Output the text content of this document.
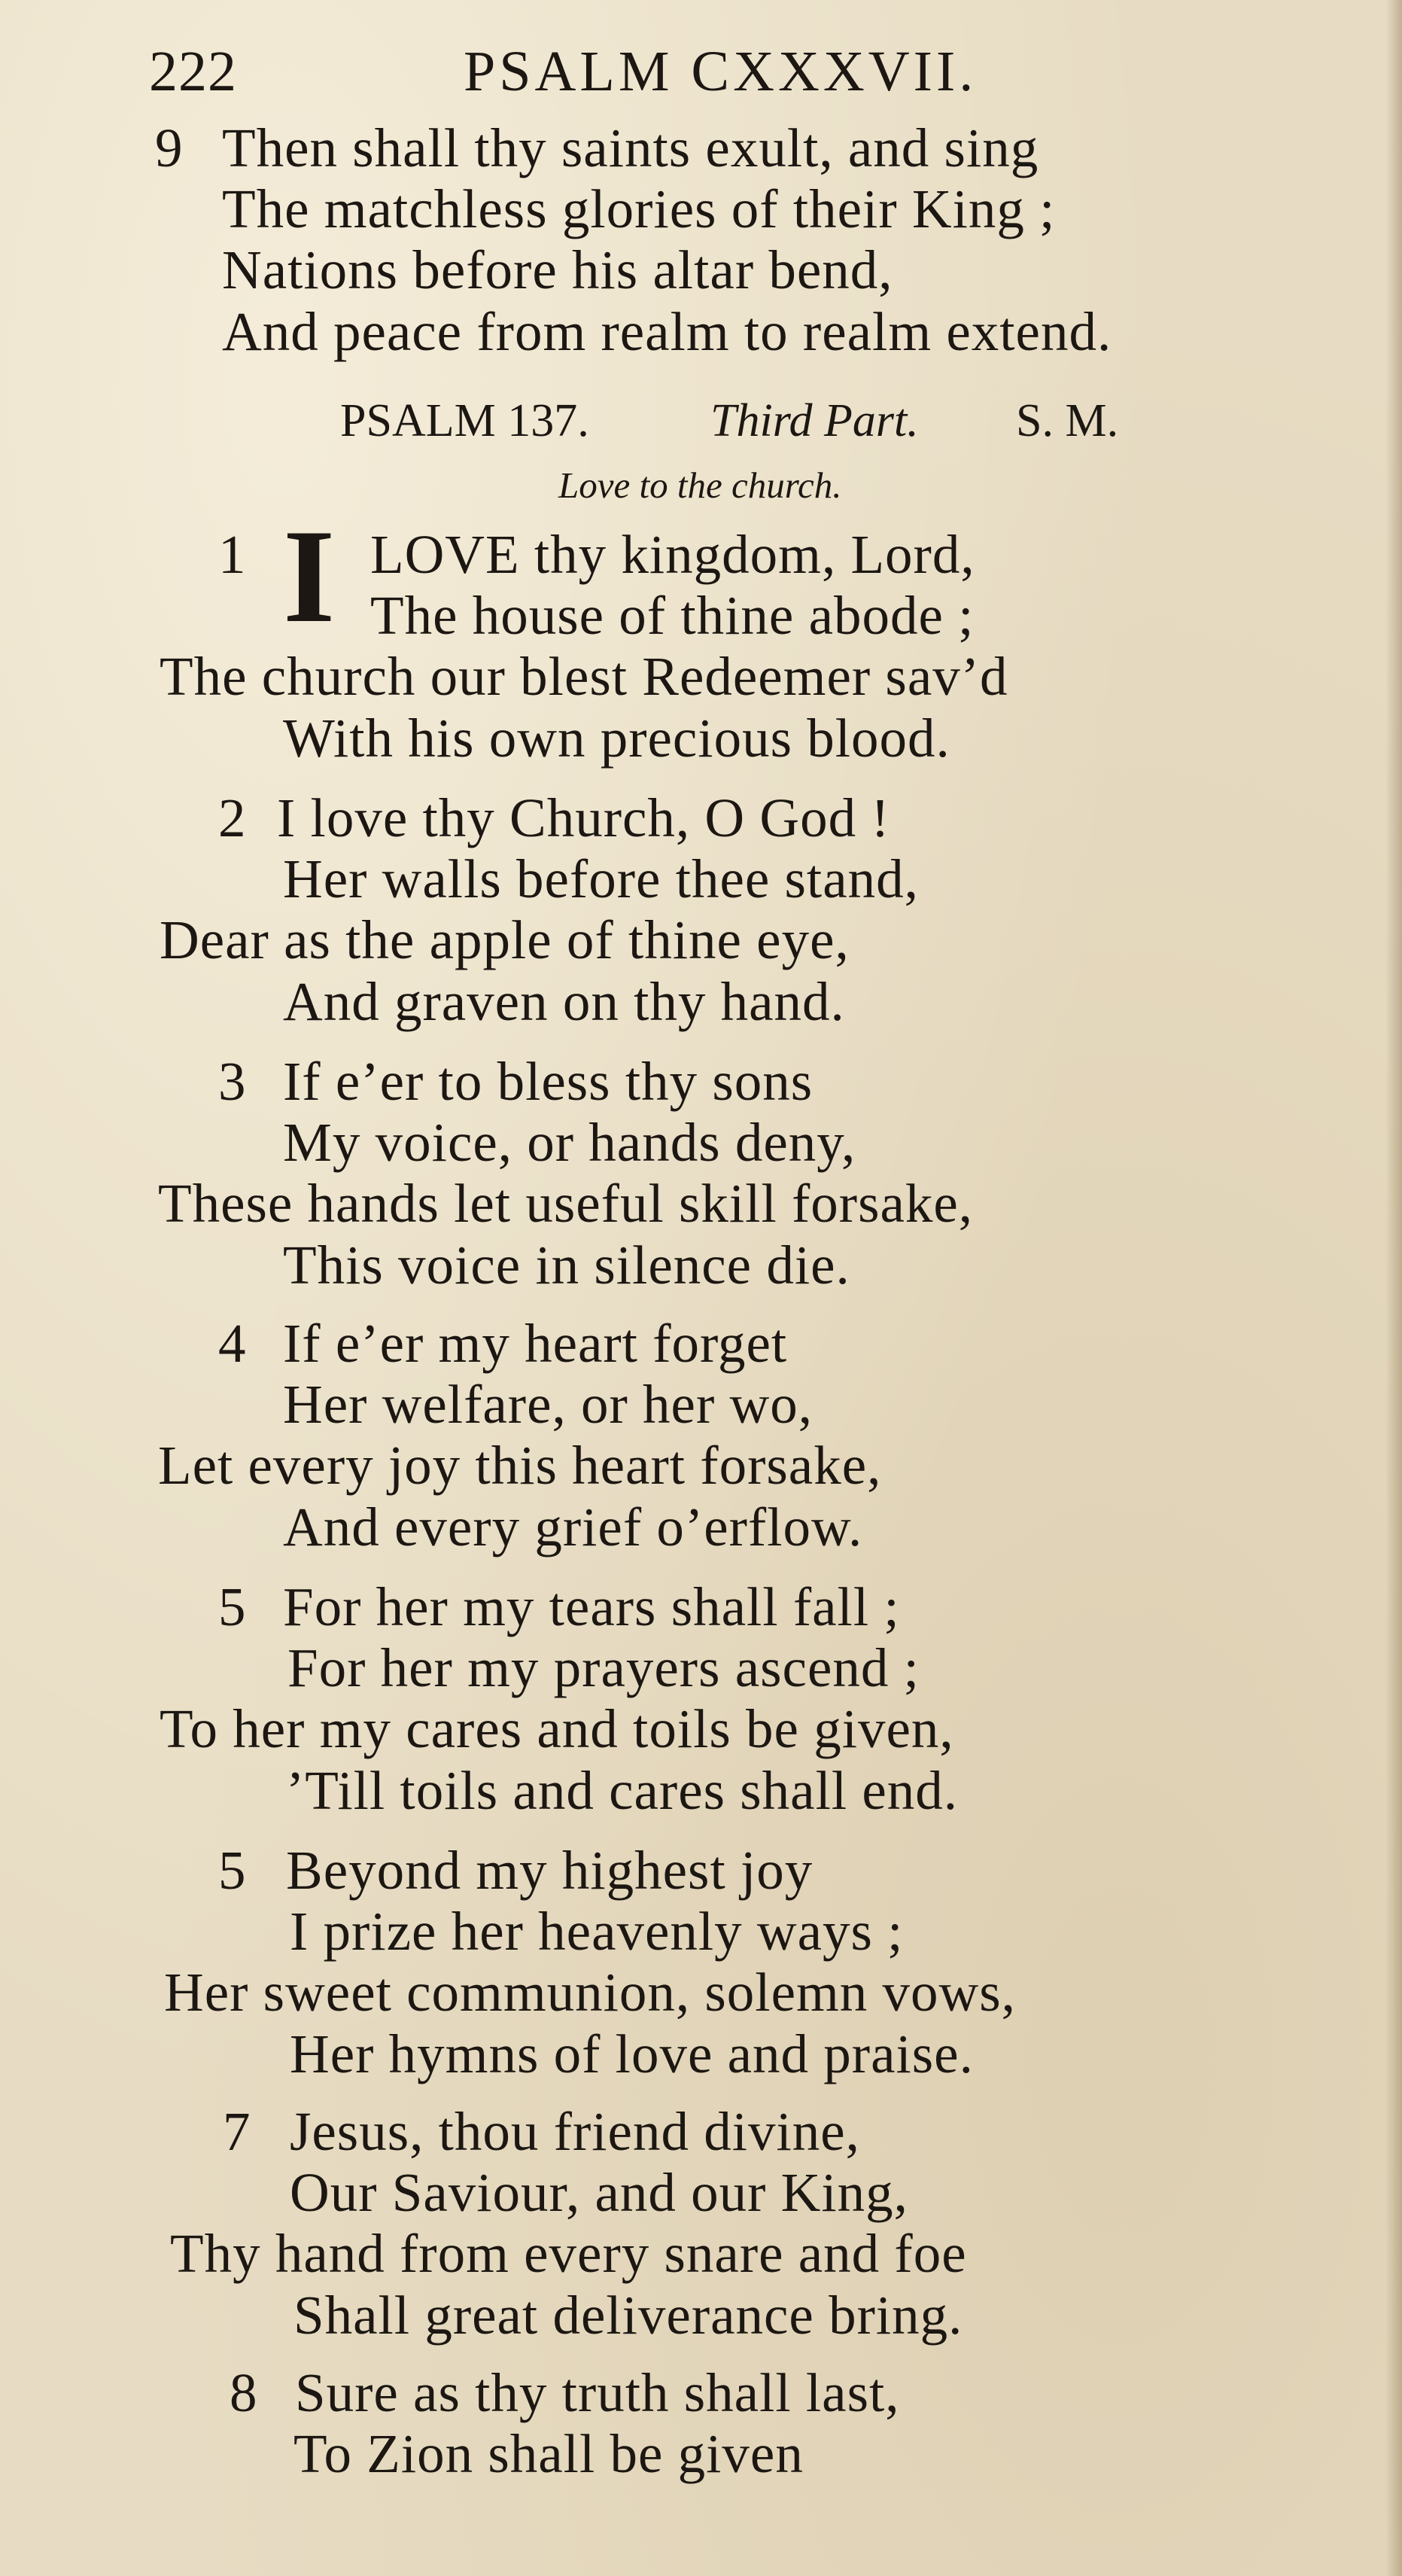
222	PSALM CXXXVII.
9 Then shall thy saints exult, and sing
The matchless glories of their King ;
Nations before his altar bend,
And peace from realm to realm extend.
PSALM 137.	Third Part. S. M.
Love to the church.
1 I LOVE thy kingdom, Lord,
The house of thine abode ;
The church our blest Redeemer sav’d
With his own precious blood.
2 I love thy Church, O God !
Her walls before thee stand,
Dear as the apple of thine eye,
And graven on thy hand.
3 If e’er to bless thy sons
My voice, or hands deny,
These hands let useful skill forsake,
This voice in silence die.
4 If e’er my heart forget
Her welfare, or her wo,
Let every joy this heart forsake,
And every grief o’erflow.
5 For her my tears shall fall ;
For her my prayers ascend ;
To her my cares and toils be given,
’Till toils and cares shall end.
5 Beyond my highest joy
I prize her heavenly ways ;
Her sweet communion, solemn vows,
Her hymns of love and praise.
7 Jesus, thou friend divine,
Our Saviour, and our King,
Thy hand from every snare and foe
Shall great deliverance bring.
8 Sure as thy truth shall last,
To Zion shall be given
